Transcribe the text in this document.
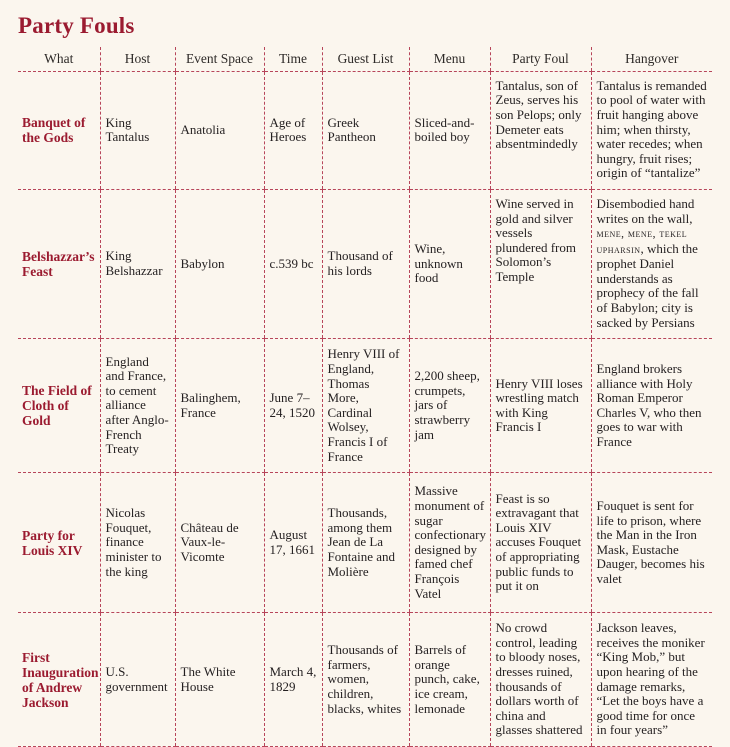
Party Fouls
What	Host	Event Space	Time	Guest List	Menu	Party Foul	Hangover
Banquet of the Gods	King Tantalus	Anatolia	Age of Heroes	Greek Pantheon	Sliced-and-boiled boy	Tantalus, son of Zeus, serves his son Pelops; only Demeter eats absentmindedly	Tantalus is remanded to pool of water with fruit hanging above him; when thirsty, water recedes; when hungry, fruit rises; origin of “tantalize”
Belshazzar’s Feast	King Belshazzar	Babylon	c.539 bc	Thousand of his lords	Wine, unknown food	Wine served in gold and silver vessels plundered from Solomon’s Temple	Disembodied hand writes on the wall, mene, mene, tekel upharsin, which the prophet Daniel understands as prophecy of the fall of Babylon; city is sacked by Persians
The Field of Cloth of Gold	England and France, to cement alliance after Anglo-French Treaty	Balinghem, France	June 7–24, 1520	Henry VIII of England, Thomas More, Cardinal Wolsey, Francis I of France	2,200 sheep, crumpets, jars of strawberry jam	Henry VIII loses wrestling match with King Francis I	England brokers alliance with Holy Roman Emperor Charles V, who then goes to war with France
Party for Louis XIV	Nicolas Fouquet, finance minister to the king	Château de Vaux-le-Vicomte	August 17, 1661	Thousands, among them Jean de La Fontaine and Molière	Massive monument of sugar confectionary designed by famed chef François Vatel	Feast is so extravagant that Louis XIV accuses Fouquet of appropriating public funds to put it on	Fouquet is sent for life to prison, where the Man in the Iron Mask, Eustache Dauger, becomes his valet
First Inauguration of Andrew Jackson	U.S. government	The White House	March 4, 1829	Thousands of farmers, women, children, blacks, whites	Barrels of orange punch, cake, ice cream, lemonade	No crowd control, leading to bloody noses, dresses ruined, thousands of dollars worth of china and glasses shattered	Jackson leaves, receives the moniker “King Mob,” but upon hearing of the damage remarks, “Let the boys have a good time for once in four years”
